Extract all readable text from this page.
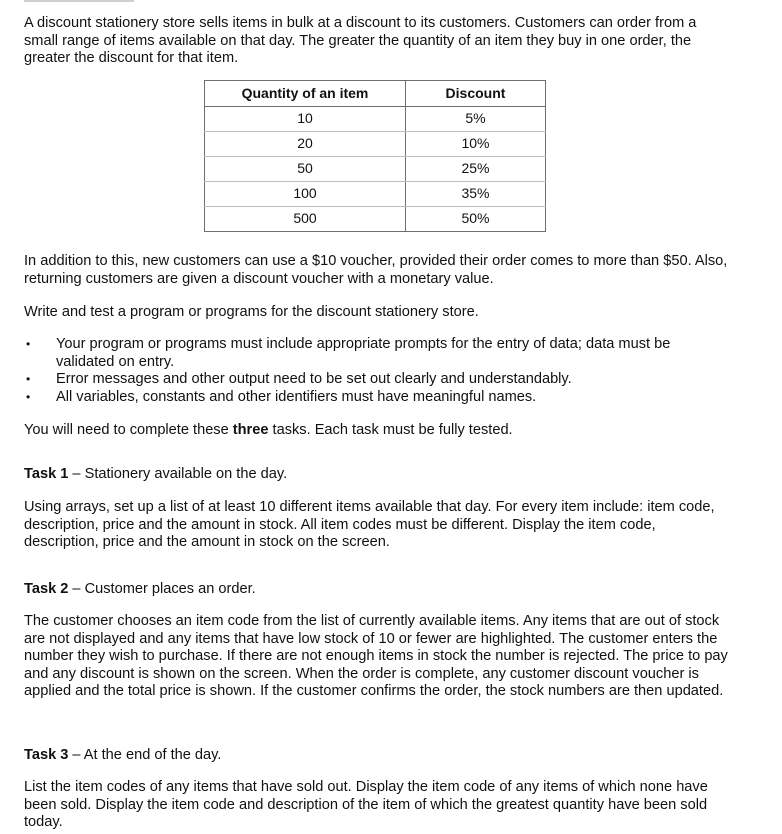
A discount stationery store sells items in bulk at a discount to its customers. Customers can order from a small range of items available on that day. The greater the quantity of an item they buy in one order, the greater the discount for that item.

Quantity of an item	Discount
10	5%
20	10%
50	25%
100	35%
500	50%

In addition to this, new customers can use a $10 voucher, provided their order comes to more than $50. Also, returning customers are given a discount voucher with a monetary value.

Write and test a program or programs for the discount stationery store.

• Your program or programs must include appropriate prompts for the entry of data; data must be validated on entry.
• Error messages and other output need to be set out clearly and understandably.
• All variables, constants and other identifiers must have meaningful names.

You will need to complete these three tasks. Each task must be fully tested.

Task 1 – Stationery available on the day.

Using arrays, set up a list of at least 10 different items available that day. For every item include: item code, description, price and the amount in stock. All item codes must be different. Display the item code, description, price and the amount in stock on the screen.

Task 2 – Customer places an order.

The customer chooses an item code from the list of currently available items. Any items that are out of stock are not displayed and any items that have low stock of 10 or fewer are highlighted. The customer enters the number they wish to purchase. If there are not enough items in stock the number is rejected. The price to pay and any discount is shown on the screen. When the order is complete, any customer discount voucher is applied and the total price is shown. If the customer confirms the order, the stock numbers are then updated.

Task 3 – At the end of the day.

List the item codes of any items that have sold out. Display the item code of any items of which none have been sold. Display the item code and description of the item of which the greatest quantity have been sold today.
